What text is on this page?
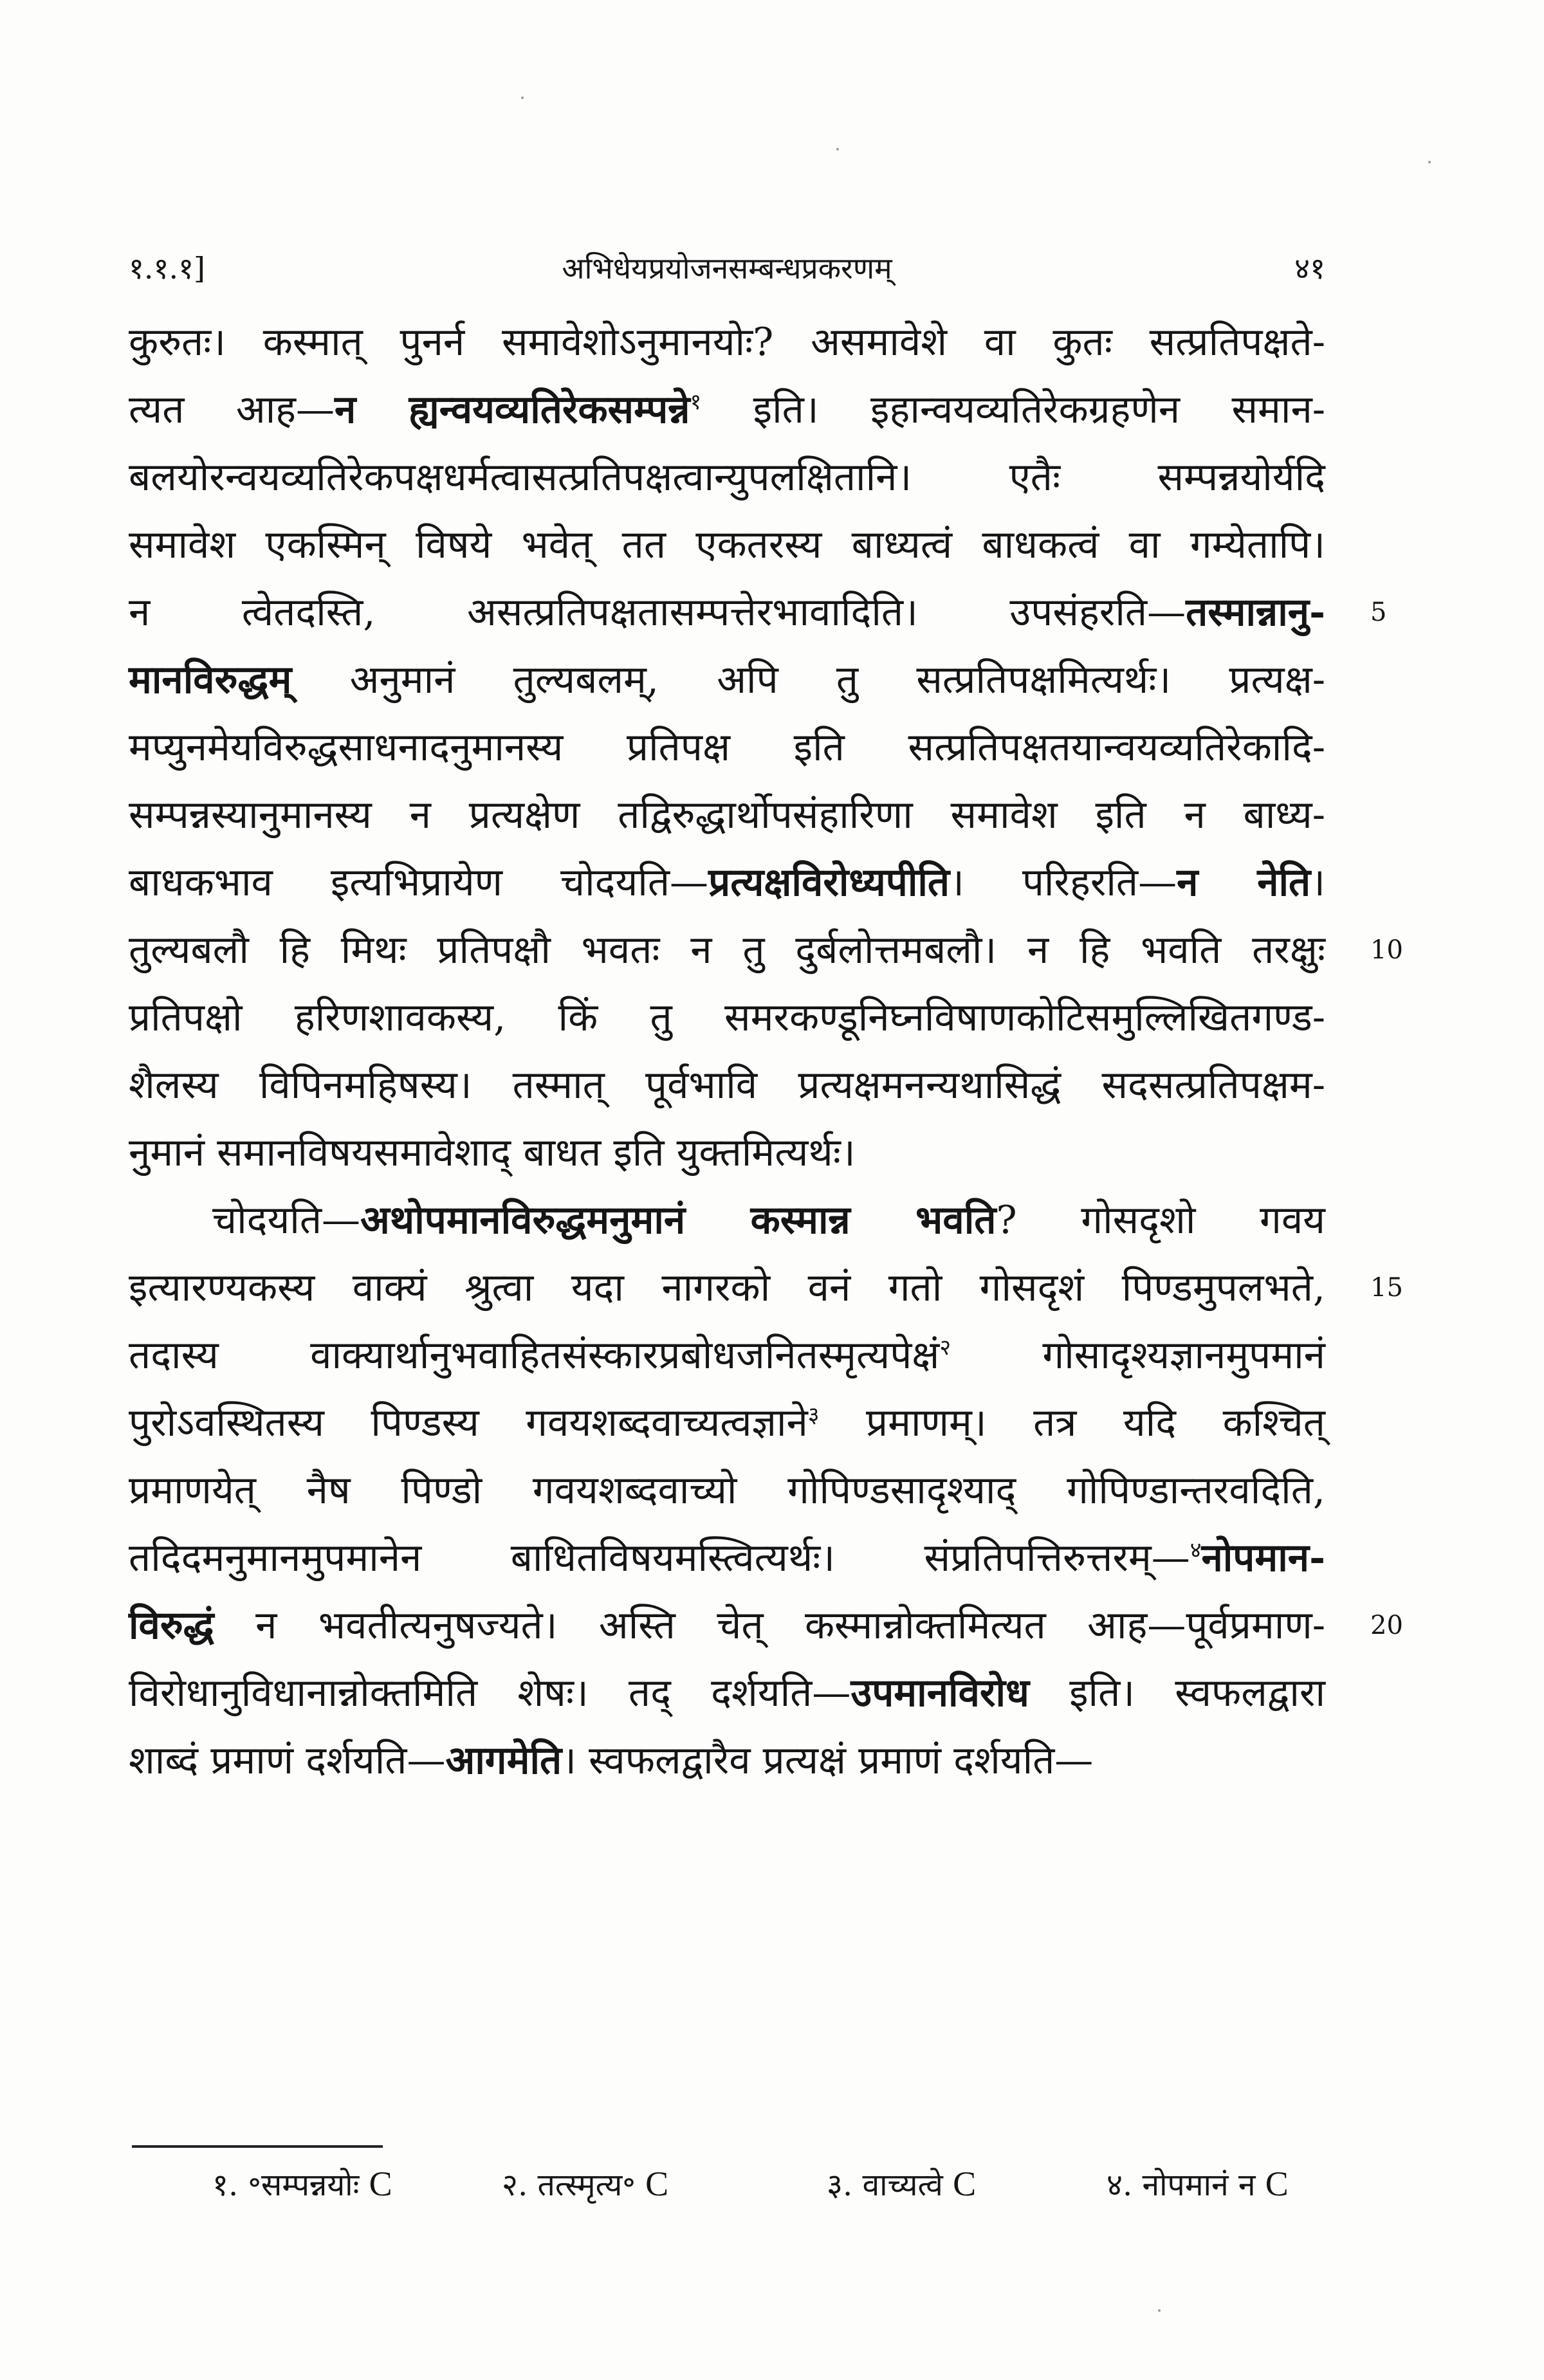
१.१.१]	अभिधेयप्रयोजनसम्बन्धप्रकरणम्	४१
कुरुतः। कस्मात् पुनर्न समावेशोऽनुमानयोः? असमावेशे वा कुतः सत्प्रतिपक्षते-
त्यत आह—न ह्यन्वयव्यतिरेकसम्पन्ने$^१$ इति। इहान्वयव्यतिरेकग्रहणेन समान-
बलयोरन्वयव्यतिरेकपक्षधर्मत्वासत्प्रतिपक्षत्वान्युपलक्षितानि। एतैः सम्पन्नयोर्यदि
समावेश एकस्मिन् विषये भवेत् तत एकतरस्य बाध्यत्वं बाधकत्वं वा गम्येतापि।
न त्वेतदस्ति, असत्प्रतिपक्षतासम्पत्तेरभावादिति। उपसंहरति—तस्मान्नानु-
मानविरुद्धम् अनुमानं तुल्यबलम्, अपि तु सत्प्रतिपक्षमित्यर्थः। प्रत्यक्ष-
मप्युनमेयविरुद्धसाधनादनुमानस्य प्रतिपक्ष इति सत्प्रतिपक्षतयान्वयव्यतिरेकादि-
सम्पन्नस्यानुमानस्य न प्रत्यक्षेण तद्विरुद्धार्थोपसंहारिणा समावेश इति न बाध्य-
बाधकभाव इत्यभिप्रायेण चोदयति—प्रत्यक्षविरोध्यपीति। परिहरति—न नेति।
तुल्यबलौ हि मिथः प्रतिपक्षौ भवतः न तु दुर्बलोत्तमबलौ। न हि भवति तरक्षुः
प्रतिपक्षो हरिणशावकस्य, किं तु समरकण्डूनिघ्नविषाणकोटिसमुल्लिखितगण्ड-
शैलस्य विपिनमहिषस्य। तस्मात् पूर्वभावि प्रत्यक्षमनन्यथासिद्धं सदसत्प्रतिपक्षम-
नुमानं समानविषयसमावेशाद् बाधत इति युक्तमित्यर्थः।
चोदयति—अथोपमानविरुद्धमनुमानं कस्मान्न भवति? गोसदृशो गवय
इत्यारण्यकस्य वाक्यं श्रुत्वा यदा नागरको वनं गतो गोसदृशं पिण्डमुपलभते,
तदास्य वाक्यार्थानुभवाहितसंस्कारप्रबोधजनितस्मृत्यपेक्षं$^२$ गोसादृश्यज्ञानमुपमानं
पुरोऽवस्थितस्य पिण्डस्य गवयशब्दवाच्यत्वज्ञाने$^३$ प्रमाणम्। तत्र यदि कश्चित्
प्रमाणयेत् नैष पिण्डो गवयशब्दवाच्यो गोपिण्डसादृश्याद् गोपिण्डान्तरवदिति,
तदिदमनुमानमुपमानेन बाधितविषयमस्त्वित्यर्थः। संप्रतिपत्तिरुत्तरम्—$^४$नोपमान-
विरुद्धं न भवतीत्यनुषज्यते। अस्ति चेत् कस्मान्नोक्तमित्यत आह—पूर्वप्रमाण-
विरोधानुविधानान्नोक्तमिति शेषः। तद् दर्शयति—उपमानविरोध इति। स्वफलद्वारा
शाब्दं प्रमाणं दर्शयति—आगमेति। स्वफलद्वारैव प्रत्यक्षं प्रमाणं दर्शयति—
5
10
15
20
१. ॰सम्पन्नयोः C	२. तत्स्मृत्य॰ C	३. वाच्यत्वे C	४. नोपमानं न C
